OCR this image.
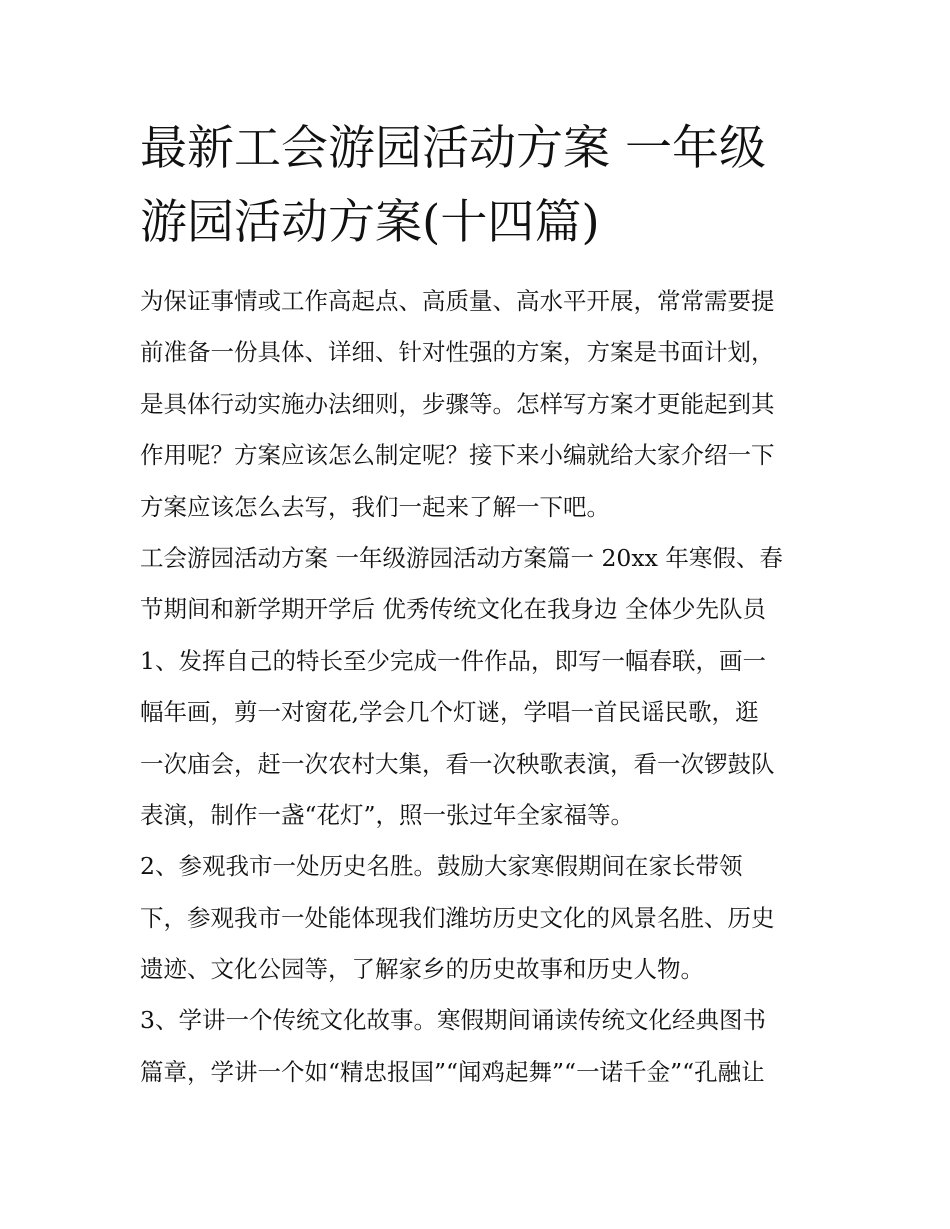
最新工会游园活动方案 一年级
游园活动方案(十四篇)
为保证事情或工作高起点、高质量、高水平开展，常常需要提
前准备一份具体、详细、针对性强的方案，方案是书面计划，
是具体行动实施办法细则，步骤等。怎样写方案才更能起到其
作用呢？方案应该怎么制定呢？接下来小编就给大家介绍一下
方案应该怎么去写，我们一起来了解一下吧。
工会游园活动方案 一年级游园活动方案篇一 20xx 年寒假、春
节期间和新学期开学后 优秀传统文化在我身边 全体少先队员
1、发挥自己的特长至少完成一件作品，即写一幅春联，画一
幅年画，剪一对窗花,学会几个灯谜，学唱一首民谣民歌，逛
一次庙会，赶一次农村大集，看一次秧歌表演，看一次锣鼓队
表演，制作一盏“花灯”，照一张过年全家福等。
2、参观我市一处历史名胜。鼓励大家寒假期间在家长带领
下，参观我市一处能体现我们潍坊历史文化的风景名胜、历史
遗迹、文化公园等，了解家乡的历史故事和历史人物。
3、学讲一个传统文化故事。寒假期间诵读传统文化经典图书
篇章，学讲一个如“精忠报国”“闻鸡起舞”“一诺千金”“孔融让
